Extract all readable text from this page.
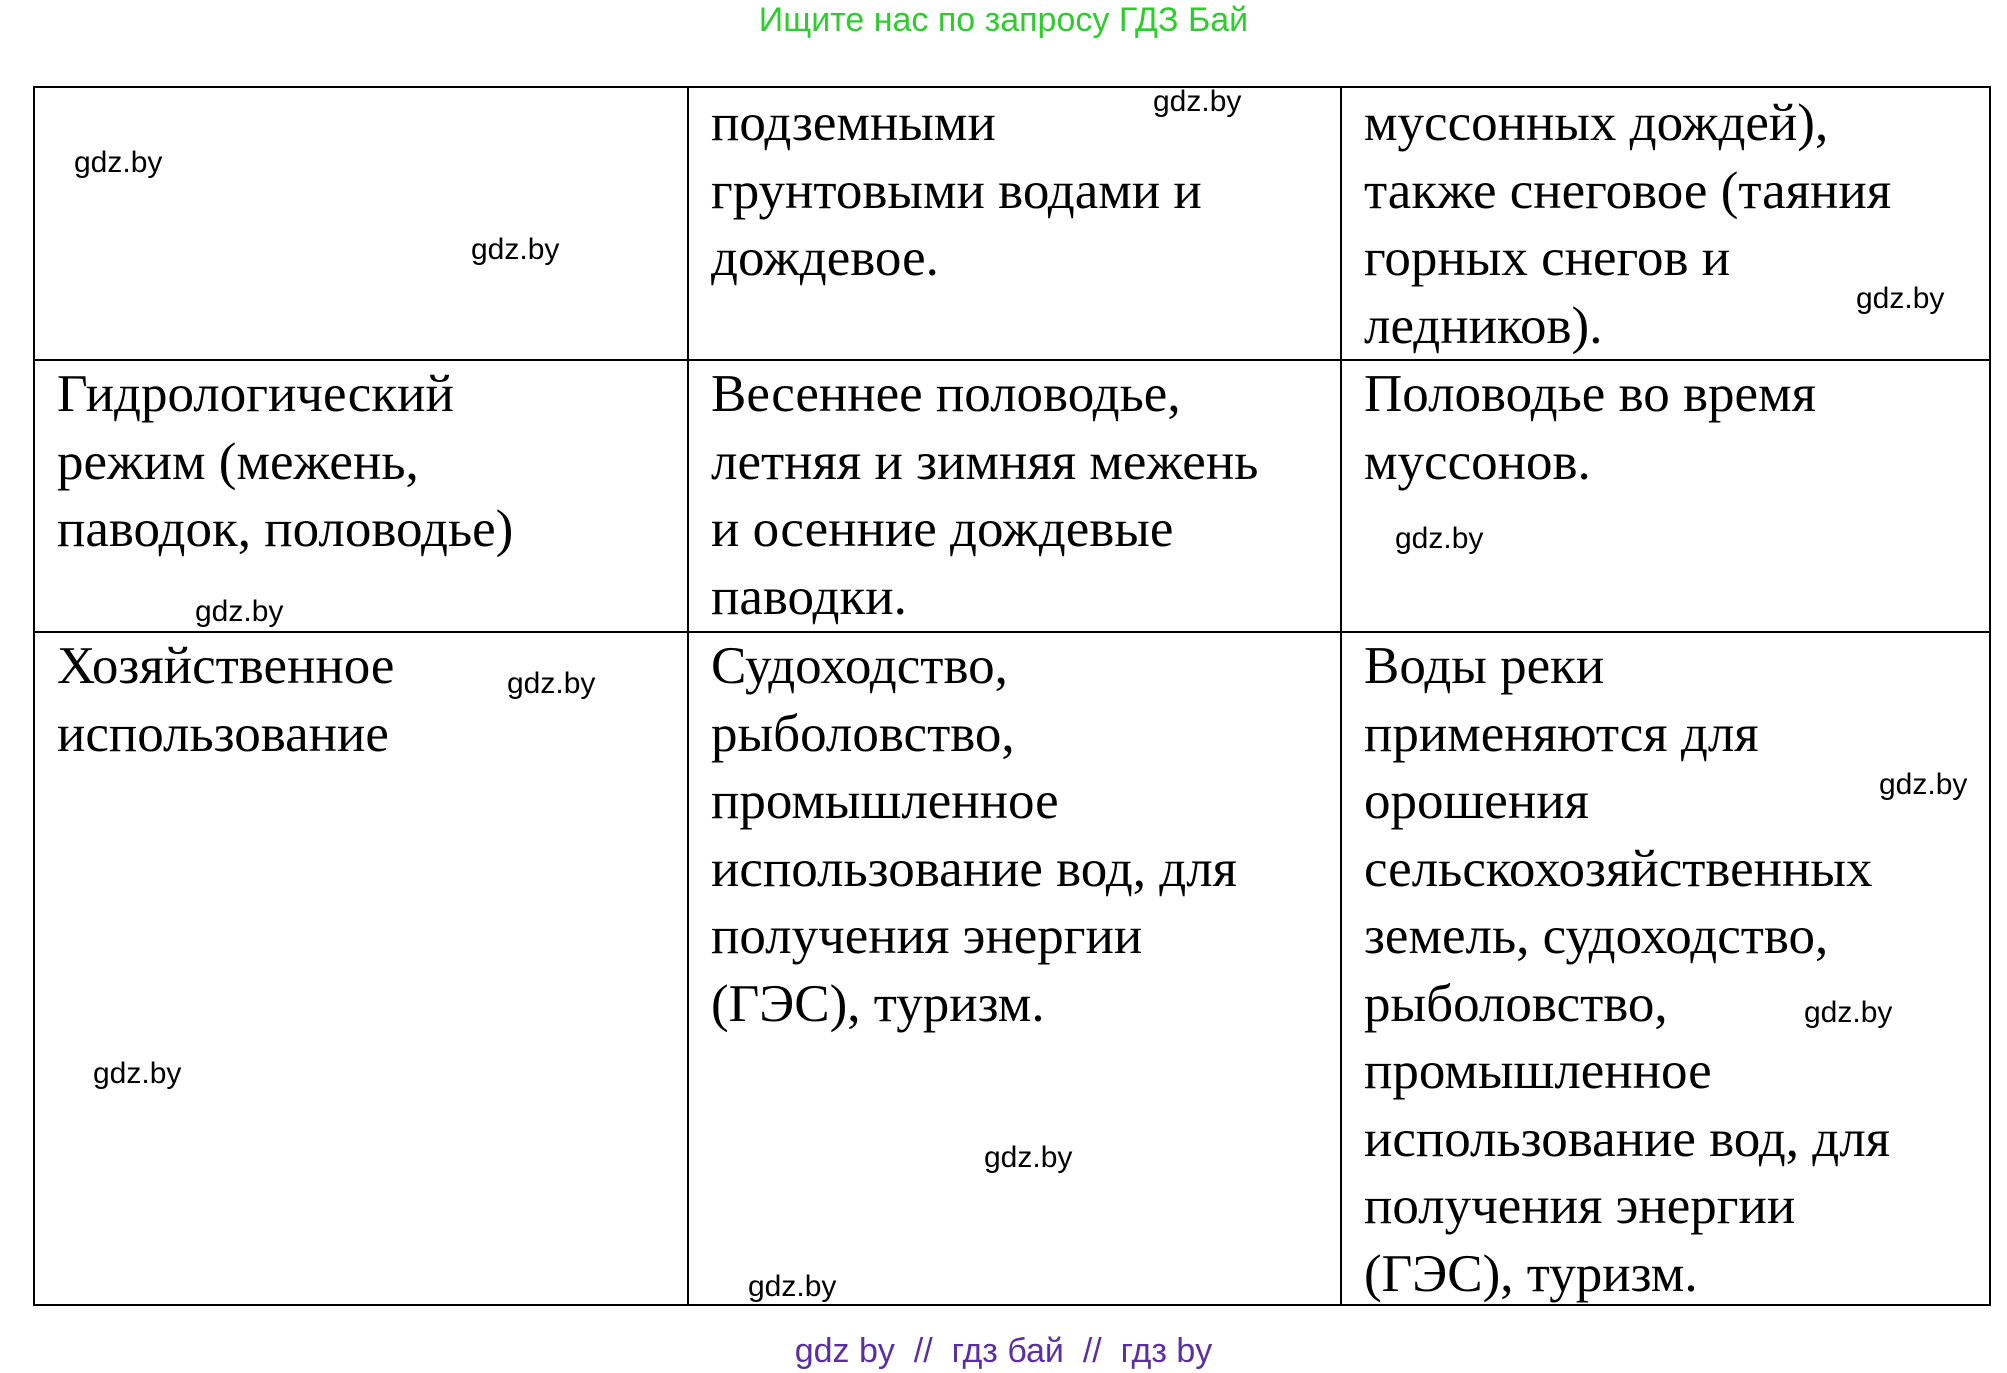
Ищите нас по запросу ГДЗ Бай
подземными
грунтовыми водами и
дождевое.
муссонных дождей),
также снеговое (таяния
горных снегов и
ледников).
Гидрологический
режим (межень,
паводок, половодье)
Весеннее половодье,
летняя и зимняя межень
и осенние дождевые
паводки.
Половодье во время
муссонов.
Хозяйственное
использование
Судоходство,
рыболовство,
промышленное
использование вод, для
получения энергии
(ГЭС), туризм.
Воды реки
применяются для
орошения
сельскохозяйственных
земель, судоходство,
рыболовство,
промышленное
использование вод, для
получения энергии
(ГЭС), туризм.
gdz.by
gdz.by
gdz.by
gdz.by
gdz.by
gdz.by
gdz.by
gdz.by
gdz.by
gdz.by
gdz.by
gdz.by
gdz by  //  гдз бай  //  гдз by
